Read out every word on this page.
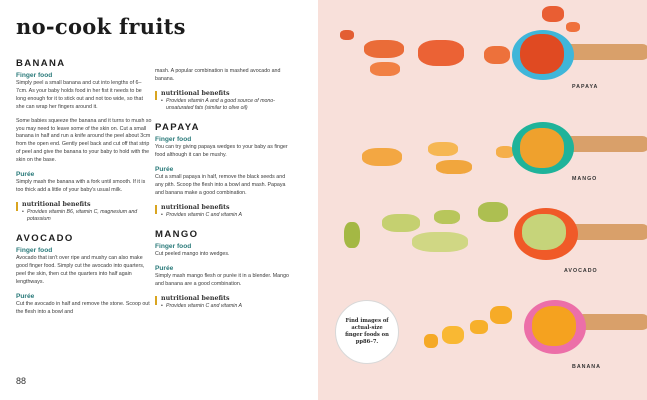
no-cook fruits
BANANA
Finger food

Simply peel a small banana and cut into lengths of 6–7cm. As your baby holds food in her fist it needs to be long enough for it to stick out and not too wide, so that she can wrap her fingers around it.

Some babies squeeze the banana and it turns to mush so you may need to leave some of the skin on. Cut a small banana in half and run a knife around the peel about 3cm from the open end. Gently peel back and cut off that strip of peel and give the banana to your baby to hold with the skin on the base.

Purée

Simply mash the banana with a fork until smooth. If it is too thick add a little of your baby's usual milk.

nutritional benefits
• Provides vitamin B6, vitamin C, magnesium and potassium
AVOCADO
Finger food

Avocado that isn't over ripe and mushy can also make good finger food. Simply cut the avocado into quarters, peel the skin, then cut the quarters into half again lengthways.

Purée

Cut the avocado in half and remove the stone. Scoop out the flesh into a bowl and

mash. A popular combination is mashed avocado and banana.

nutritional benefits
• Provides vitamin A and a good source of mono-unsaturated fats (similar to olive oil)
PAPAYA
Finger food

You can try giving papaya wedges to your baby as finger food although it can be mushy.

Purée

Cut a small papaya in half, remove the black seeds and any pith. Scoop the flesh into a bowl and mash. Papaya and banana make a good combination.

nutritional benefits
• Provides vitamin C and vitamin A
MANGO
Finger food

Cut peeled mango into wedges.

Purée

Simply mash mango flesh or purée it in a blender. Mango and banana are a good combination.

nutritional benefits
• Provides vitamin C and vitamin A
88
PAPAYA
MANGO
AVOCADO
BANANA
Find images of actual-size finger foods on pp86–7.
